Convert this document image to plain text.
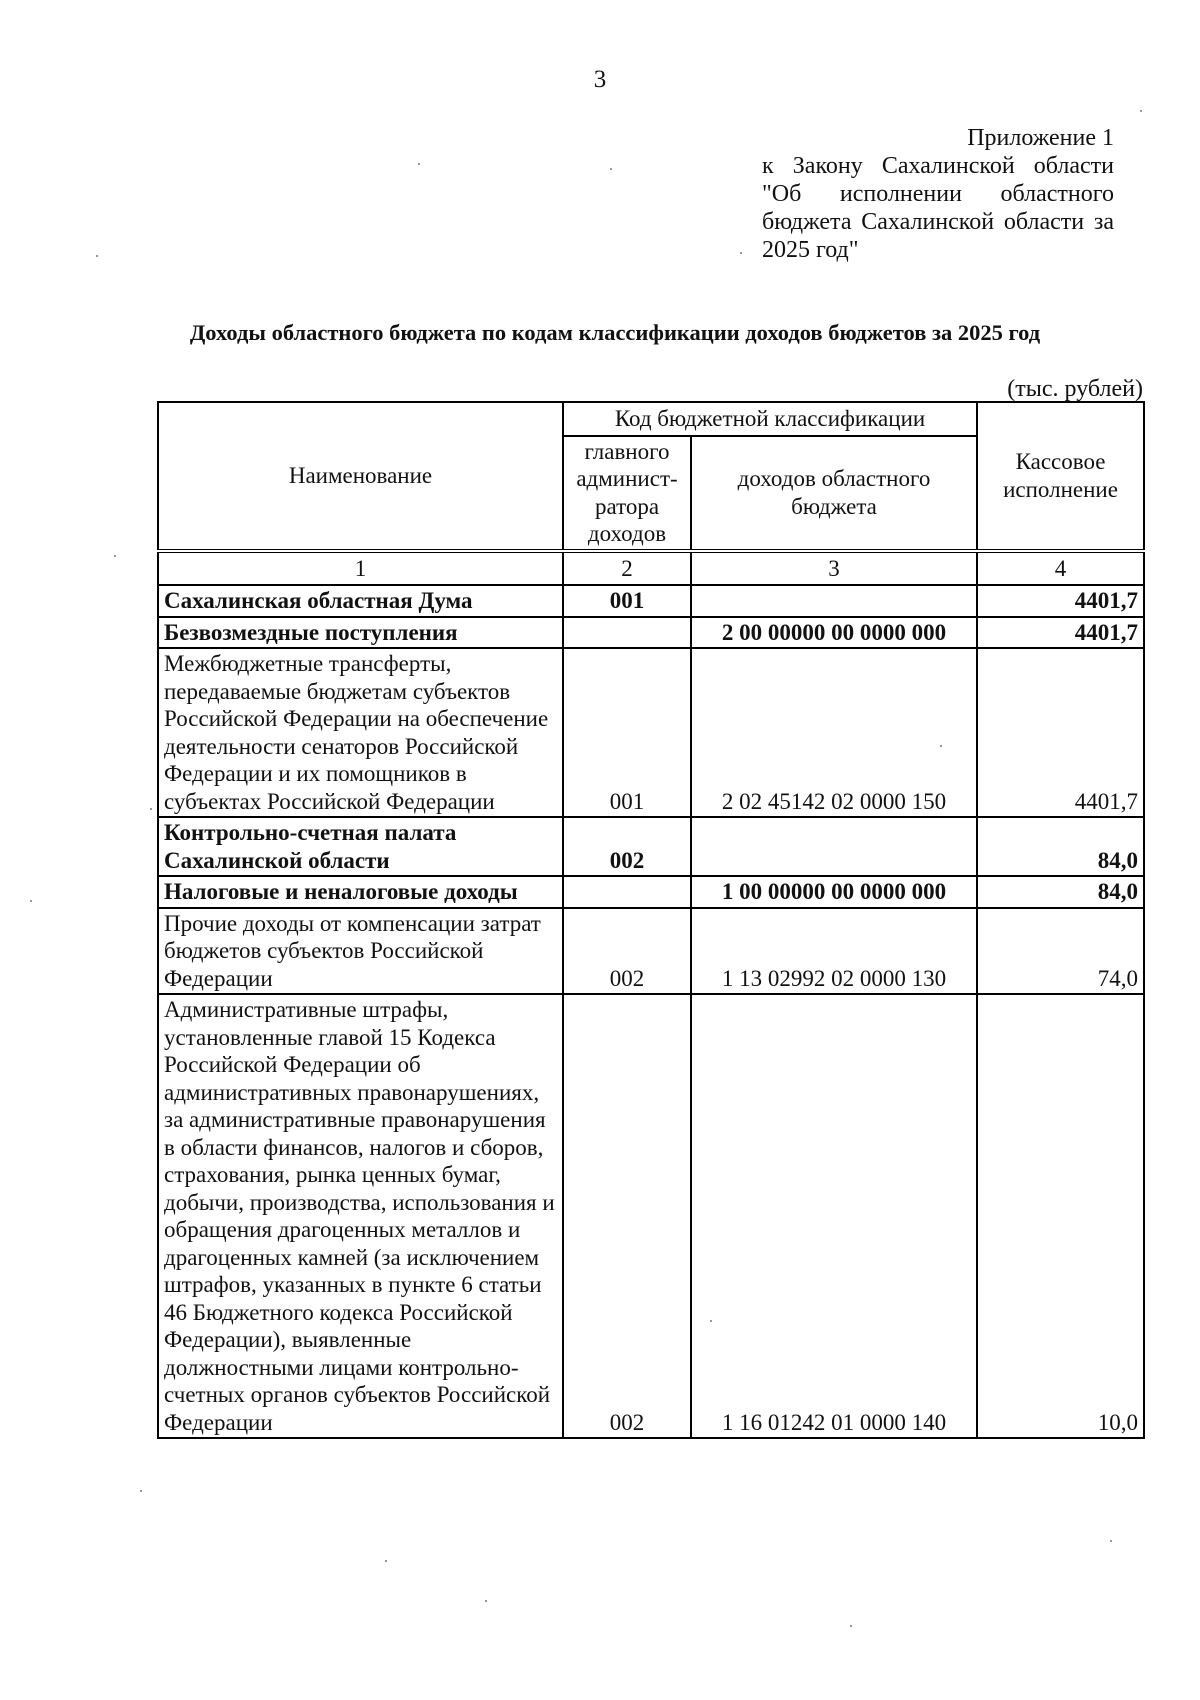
3
Приложение 1
к Закону Сахалинской области
"Об исполнении областного
бюджета Сахалинской области за
2025 год"
Доходы областного бюджета по кодам классификации доходов бюджетов за 2025 год
(тыс. рублей)
Наименование	Код бюджетной классификации		Кассовое исполнение
	главного админист-ратора доходов	доходов областного бюджета	
1	2	3	4
Сахалинская областная Дума	001		4401,7
Безвозмездные поступления		2 00 00000 00 0000 000	4401,7
Межбюджетные трансферты, передаваемые бюджетам субъектов Российской Федерации на обеспечение деятельности сенаторов Российской Федерации и их помощников в субъектах Российской Федерации	001	2 02 45142 02 0000 150	4401,7
Контрольно-счетная палата Сахалинской области	002		84,0
Налоговые и неналоговые доходы		1 00 00000 00 0000 000	84,0
Прочие доходы от компенсации затрат бюджетов субъектов Российской Федерации	002	1 13 02992 02 0000 130	74,0
Административные штрафы, установленные главой 15 Кодекса Российской Федерации об административных правонарушениях, за административные правонарушения в области финансов, налогов и сборов, страхования, рынка ценных бумаг, добычи, производства, использования и обращения драгоценных металлов и драгоценных камней (за исключением штрафов, указанных в пункте 6 статьи 46 Бюджетного кодекса Российской Федерации), выявленные должностными лицами контрольно-счетных органов субъектов Российской Федерации	002	1 16 01242 01 0000 140	10,0
